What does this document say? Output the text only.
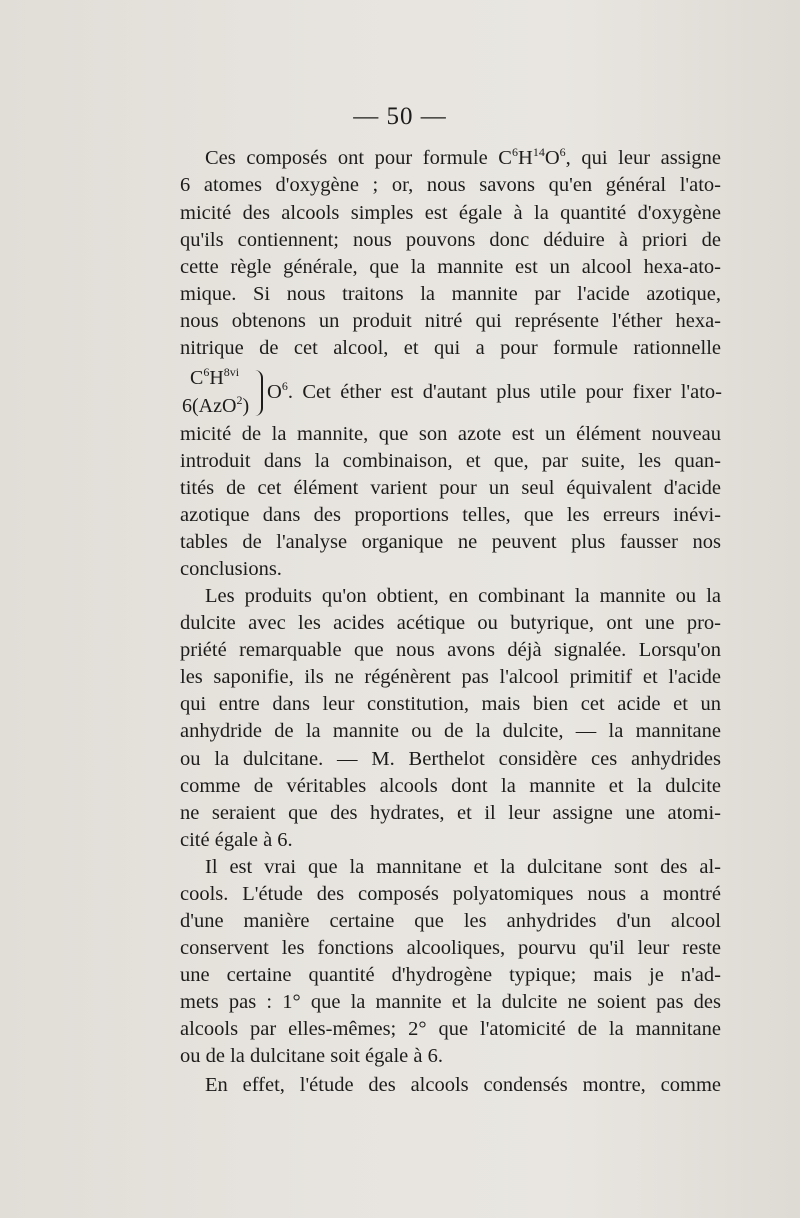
— 50 —
Ces composés ont pour formule $C^6H^{14}O^6$, qui leur assigne
6 atomes d'oxygène ; or, nous savons qu'en général l'ato-
micité des alcools simples est égale à la quantité d'oxygène
qu'ils contiennent; nous pouvons donc déduire à priori de
cette règle générale, que la mannite est un alcool hexa-ato-
mique. Si nous traitons la mannite par l'acide azotique,
nous obtenons un produit nitré qui représente l'éther hexa-
nitrique de cet alcool, et qui a pour formule rationnelle
$C^6H^{8vi}$
6(AzO$^2$)
$O^6$. Cet éther est d'autant plus utile pour fixer l'ato-
micité de la mannite, que son azote est un élément nouveau
introduit dans la combinaison, et que, par suite, les quan-
tités de cet élément varient pour un seul équivalent d'acide
azotique dans des proportions telles, que les erreurs inévi-
tables de l'analyse organique ne peuvent plus fausser nos
conclusions.
Les produits qu'on obtient, en combinant la mannite ou la
dulcite avec les acides acétique ou butyrique, ont une pro-
priété remarquable que nous avons déjà signalée. Lorsqu'on
les saponifie, ils ne régénèrent pas l'alcool primitif et l'acide
qui entre dans leur constitution, mais bien cet acide et un
anhydride de la mannite ou de la dulcite, — la mannitane
ou la dulcitane. — M. Berthelot considère ces anhydrides
comme de véritables alcools dont la mannite et la dulcite
ne seraient que des hydrates, et il leur assigne une atomi-
cité égale à 6.
Il est vrai que la mannitane et la dulcitane sont des al-
cools. L'étude des composés polyatomiques nous a montré
d'une manière certaine que les anhydrides d'un alcool
conservent les fonctions alcooliques, pourvu qu'il leur reste
une certaine quantité d'hydrogène typique; mais je n'ad-
mets pas : 1° que la mannite et la dulcite ne soient pas des
alcools par elles-mêmes; 2° que l'atomicité de la mannitane
ou de la dulcitane soit égale à 6.
En effet, l'étude des alcools condensés montre, comme
